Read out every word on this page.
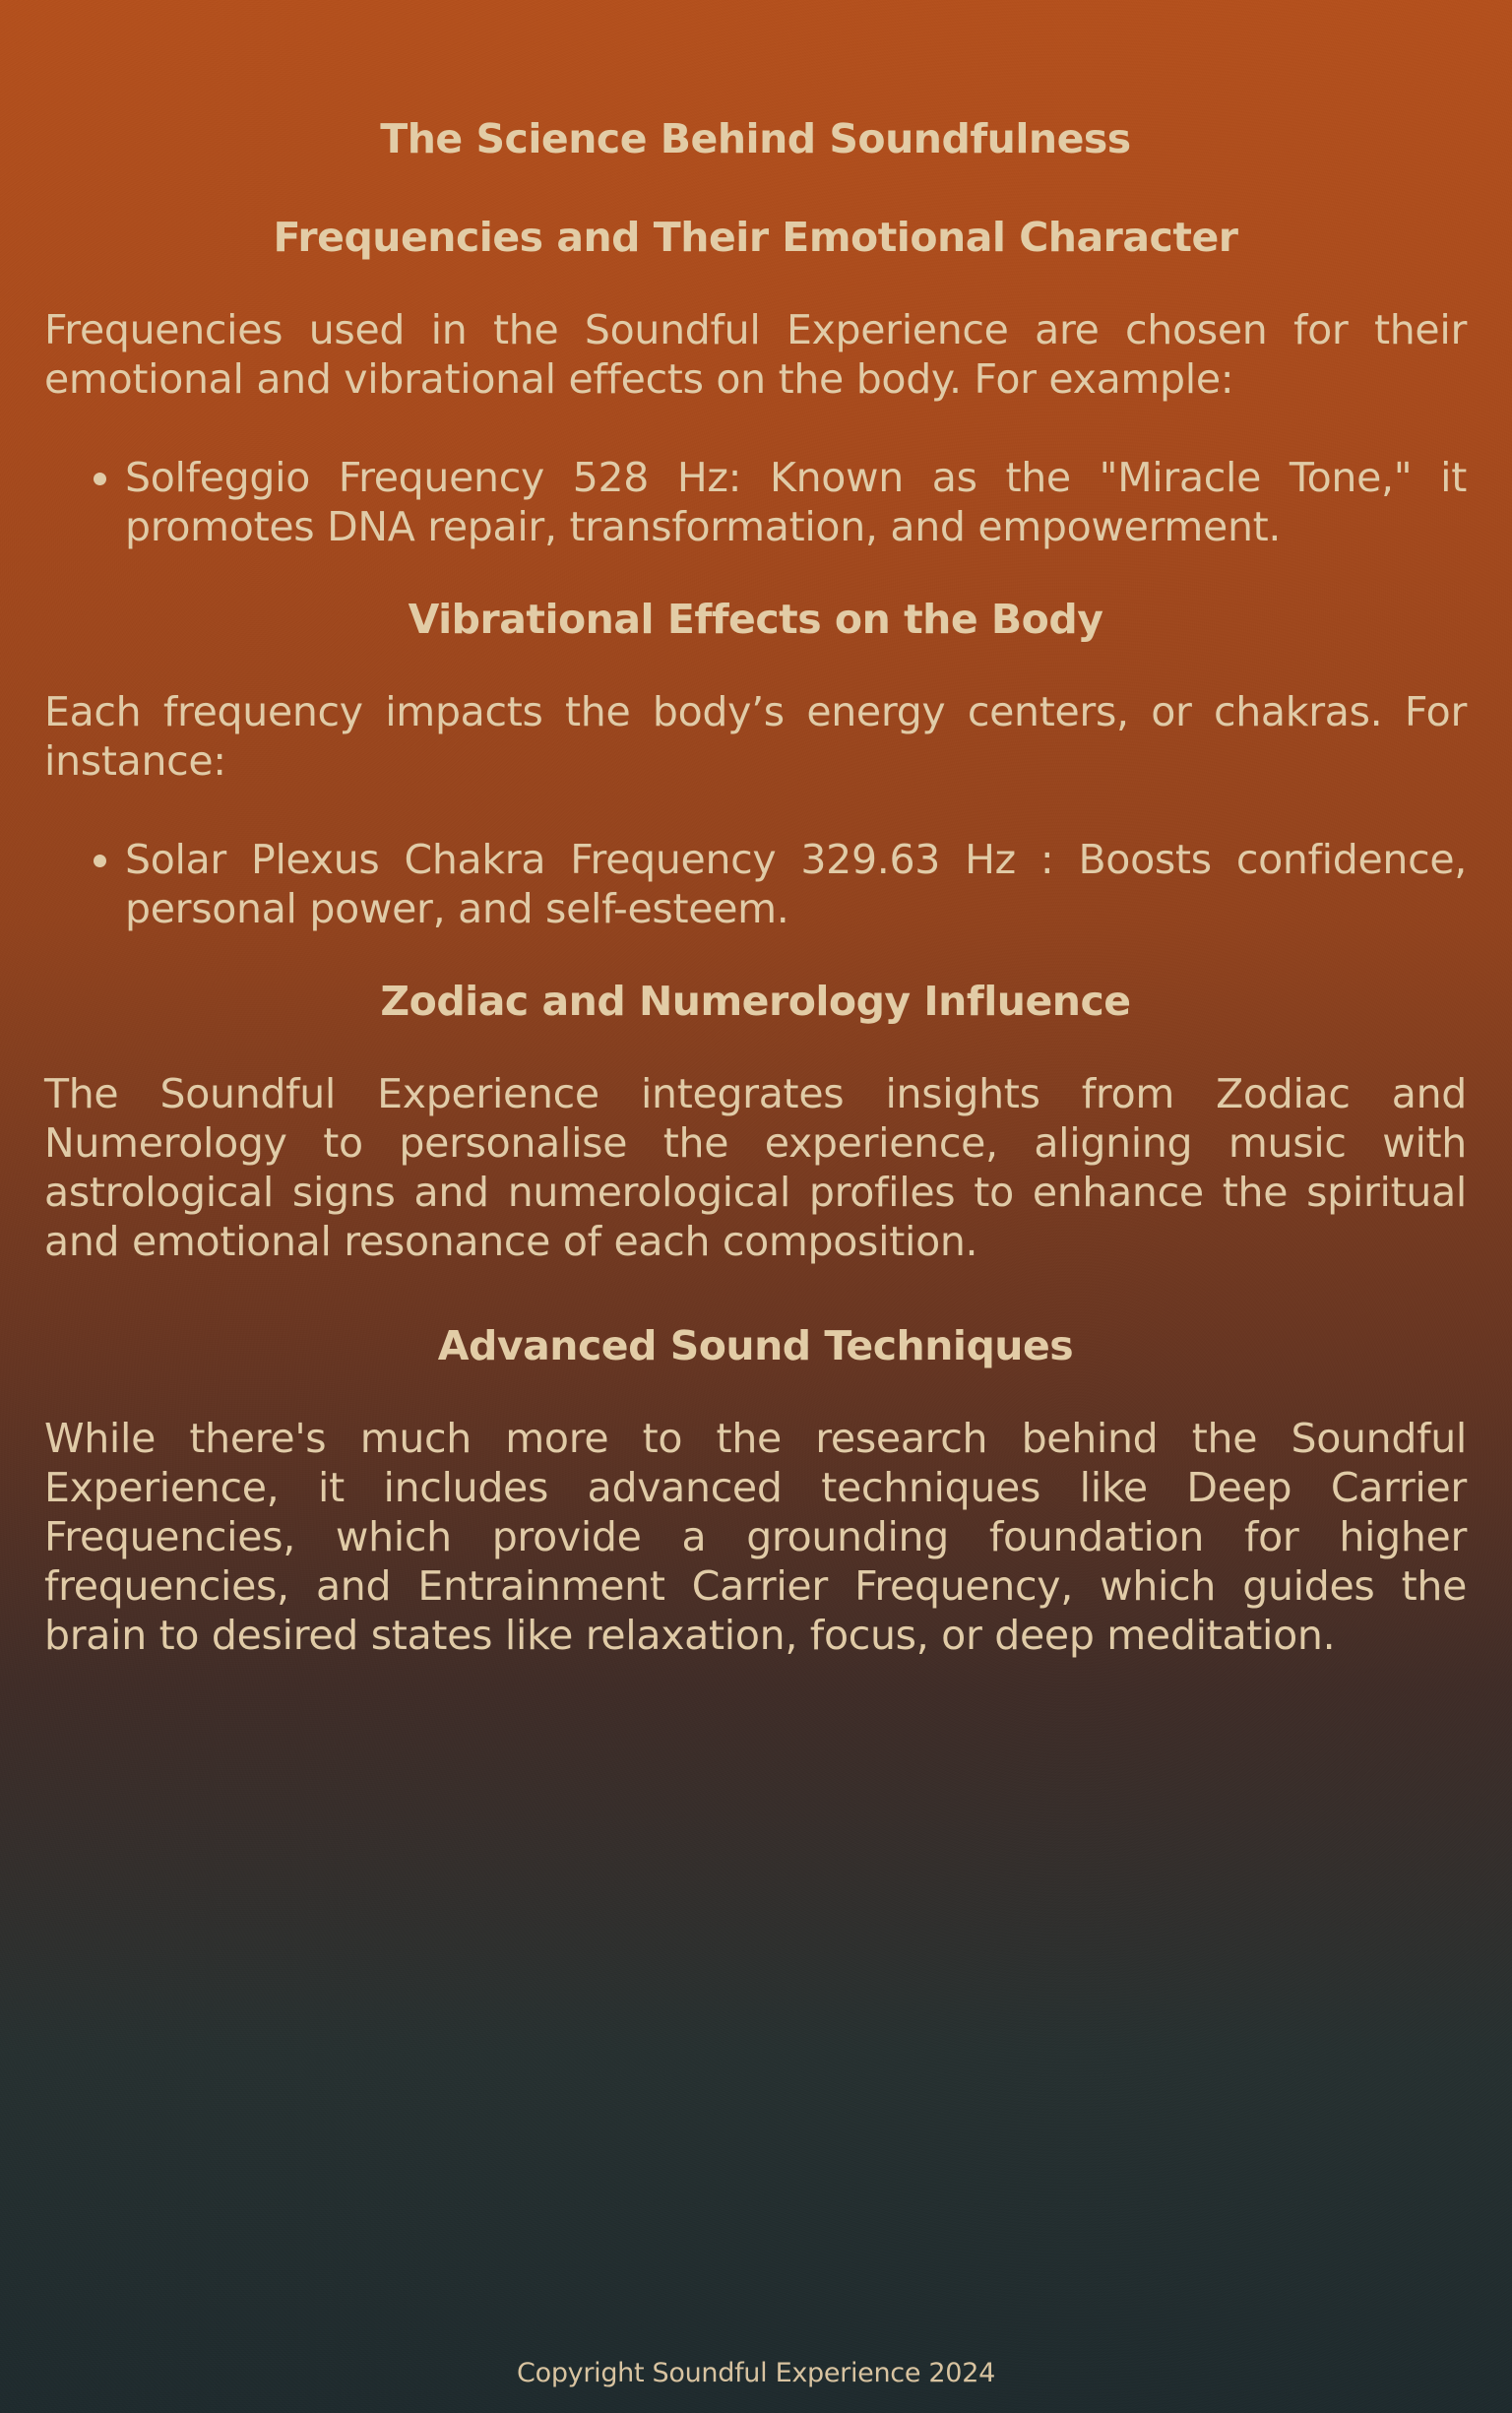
The Science Behind Soundfulness
Frequencies and Their Emotional Character

Frequencies used in the Soundful Experience are chosen for their emotional and vibrational effects on the body. For example:

• Solfeggio Frequency 528 Hz: Known as the "Miracle Tone," it promotes DNA repair, transformation, and empowerment.
Vibrational Effects on the Body

Each frequency impacts the body’s energy centers, or chakras. For instance:

• Solar Plexus Chakra Frequency 329.63 Hz : Boosts confidence, personal power, and self-esteem.
Zodiac and Numerology Influence

The Soundful Experience integrates insights from Zodiac and Numerology to personalise the experience, aligning music with astrological signs and numerological profiles to enhance the spiritual and emotional resonance of each composition.

Advanced Sound Techniques

While there's much more to the research behind the Soundful Experience, it includes advanced techniques like Deep Carrier Frequencies, which provide a grounding foundation for higher frequencies, and Entrainment Carrier Frequency, which guides the brain to desired states like relaxation, focus, or deep meditation.

Copyright Soundful Experience 2024
